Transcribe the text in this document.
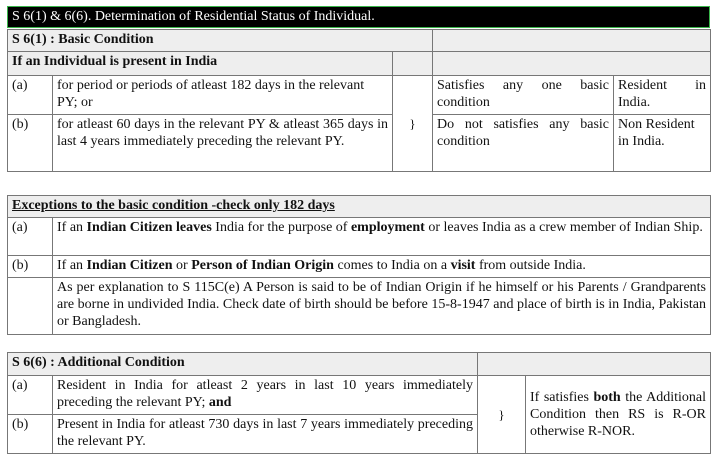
S 6(1) & 6(6). Determination of Residential Status of Individual.
S 6(1) : Basic Condition				
If an Individual is present in India				
(a)	for period or periods of atleast 182 days in the relevant PY; or	}	Satisfies any one basic condition	Resident in India.
(b)	for atleast 60 days in the relevant PY & atleast 365 days in last 4 years immediately preceding the relevant PY.		Do not satisfies any basic condition	Non Resident in India.
Exceptions to the basic condition -check only 182 days	
(a)	If an Indian Citizen leaves India for the purpose of employment or leaves India as a crew member of Indian Ship.
(b)	If an Indian Citizen or Person of Indian Origin comes to India on a visit from outside India.
	As per explanation to S 115C(e) A Person is said to be of Indian Origin if he himself or his Parents / Grandparents are borne in undivided India. Check date of birth should be before 15-8-1947 and place of birth is in India, Pakistan or Bangladesh.
S 6(6) : Additional Condition			
(a)	Resident in India for atleast 2 years in last 10 years immediately preceding the relevant PY; and	}	If satisfies both the Additional Condition then RS is R-OR otherwise R-NOR.
(b)	Present in India for atleast 730 days in last 7 years immediately preceding the relevant PY.		
